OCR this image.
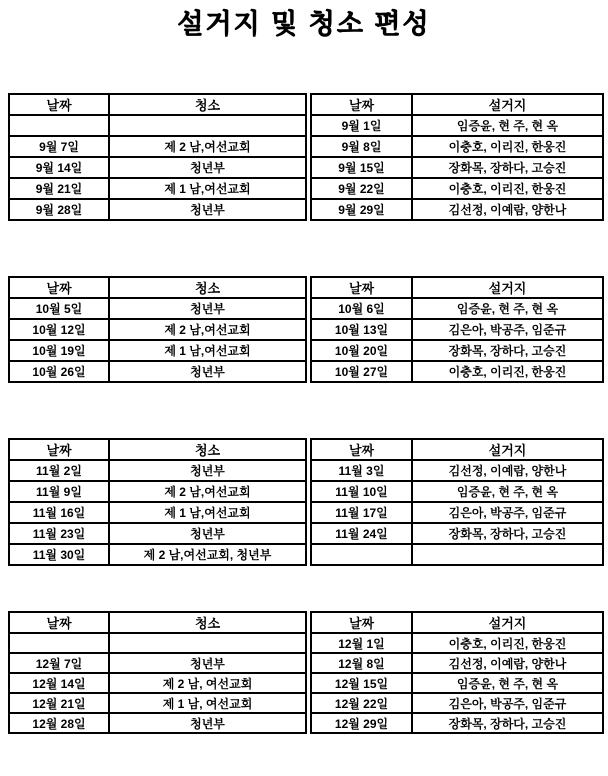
설거지 및 청소 편성
날짜	청소

9월 7일	제 2 남,여선교회
9월 14일	청년부
9월 21일	제 1 남,여선교회
9월 28일	청년부
날짜	설거지
9월 1일	임증윤, 현 주, 현 옥
9월 8일	이충호, 이리진, 한웅진
9월 15일	장화목, 장하다, 고승진
9월 22일	이충호, 이리진, 한웅진
9월 29일	김선정, 이예람, 양한나
날짜	청소
10월 5일	청년부
10월 12일	제 2 남,여선교회
10월 19일	제 1 남,여선교회
10월 26일	청년부
날짜	설거지
10월 6일	임증윤, 현 주, 현 옥
10월 13일	김은아, 박공주, 임준규
10월 20일	장화목, 장하다, 고승진
10월 27일	이충호, 이리진, 한웅진
날짜	청소
11월 2일	청년부
11월 9일	제 2 남,여선교회
11월 16일	제 1 남,여선교회
11월 23일	청년부
11월 30일	제 2 남,여선교회, 청년부
날짜	설거지
11월 3일	김선정, 이예람, 양한나
11월 10일	임증윤, 현 주, 현 옥
11월 17일	김은아, 박공주, 임준규
11월 24일	장화목, 장하다, 고승진

날짜	청소

12월 7일	청년부
12월 14일	제 2 남, 여선교회
12월 21일	제 1 남, 여선교회
12월 28일	청년부
날짜	설거지
12월 1일	이충호, 이리진, 한웅진
12월 8일	김선정, 이예람, 양한나
12월 15일	임증윤, 현 주, 현 옥
12월 22일	김은아, 박공주, 임준규
12월 29일	장화목, 장하다, 고승진
